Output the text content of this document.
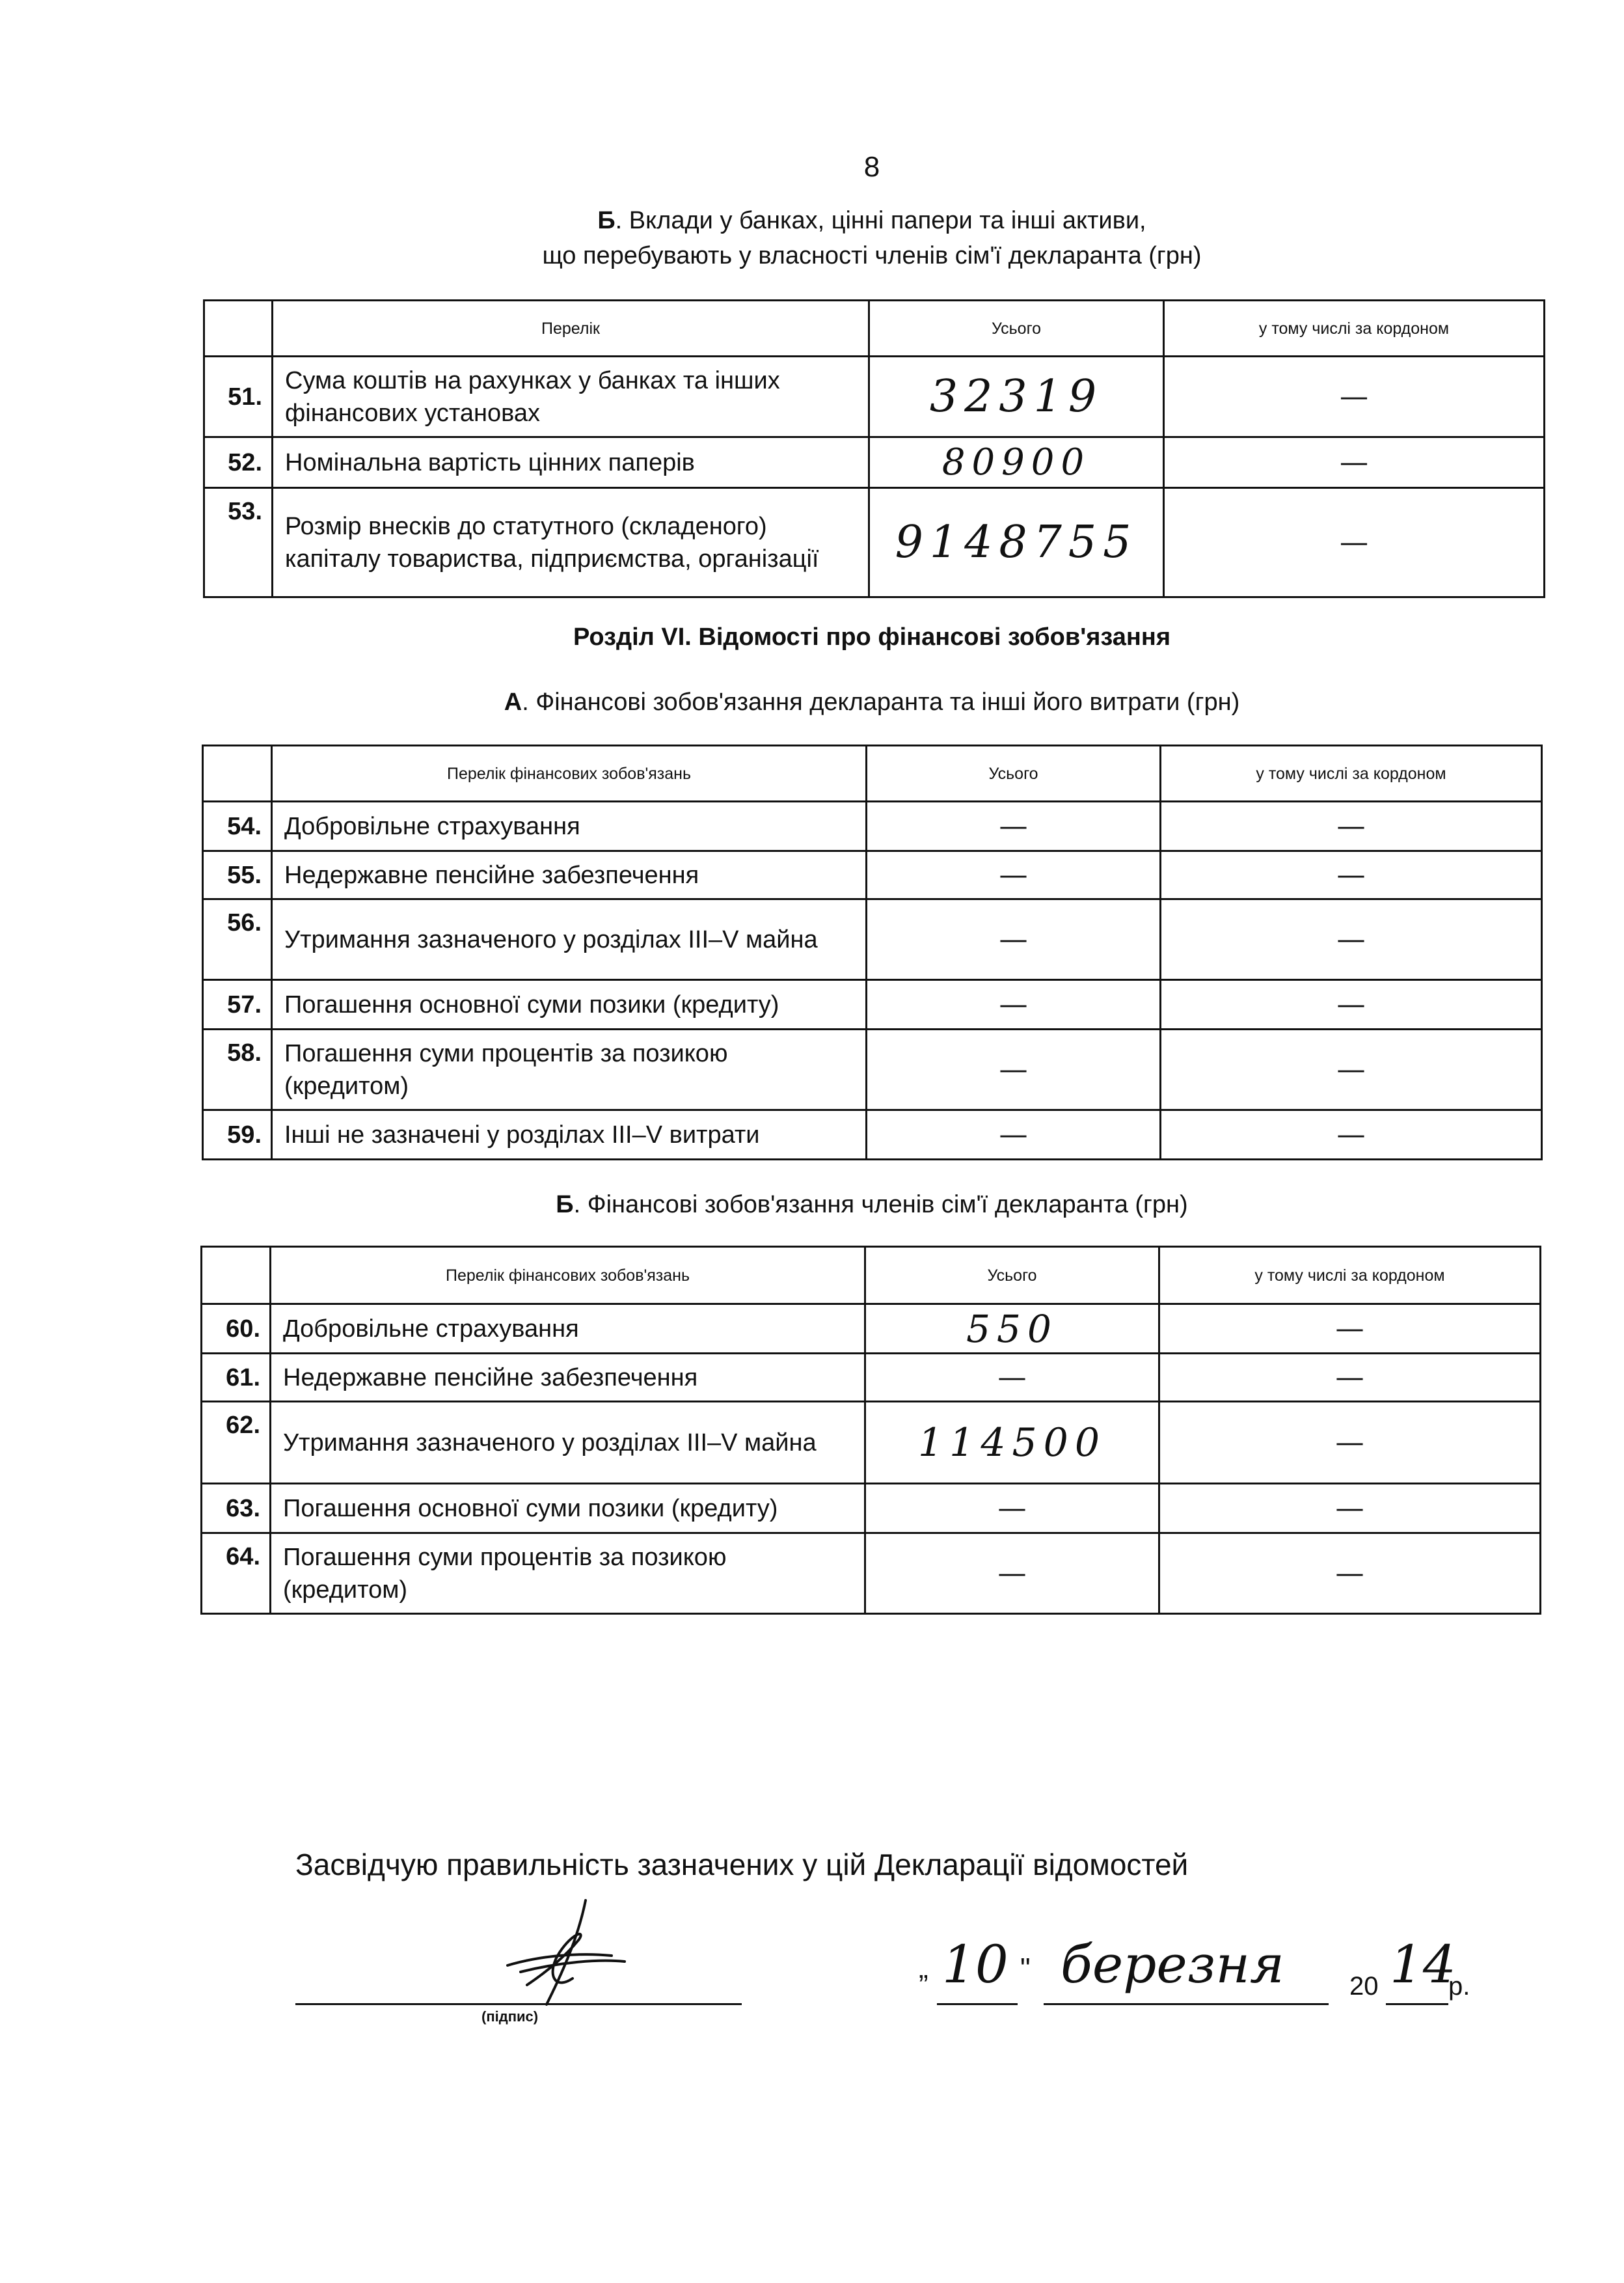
8
Б. Вклади у банках, цінні папери та інші активи,
що перебувають у власності членів сім'ї декларанта (грн)
	Перелік	Усього	у тому числі за кордоном
51.	Сума коштів на рахунках у банках та інших фінансових установах	32319	—
52.	Номінальна вартість цінних паперів	80900	—
53.	Розмір внесків до статутного (складеного) капіталу товариства, підприємства, організації	9148755	—
Розділ VI. Відомості про фінансові зобов'язання
А. Фінансові зобов'язання декларанта та інші його витрати (грн)
	Перелік фінансових зобов'язань	Усього	у тому числі за кордоном
54.	Добровільне страхування	—	—
55.	Недержавне пенсійне забезпечення	—	—
56.	Утримання зазначеного у розділах III–V майна	—	—
57.	Погашення основної суми позики (кредиту)	—	—
58.	Погашення суми процентів за позикою (кредитом)	—	—
59.	Інші не зазначені у розділах III–V витрати	—	—
Б. Фінансові зобов'язання членів сім'ї декларанта (грн)
	Перелік фінансових зобов'язань	Усього	у тому числі за кордоном
60.	Добровільне страхування	550	—
61.	Недержавне пенсійне забезпечення	—	—
62.	Утримання зазначеного у розділах III–V майна	114500	—
63.	Погашення основної суми позики (кредиту)	—	—
64.	Погашення суми процентів за позикою (кредитом)	—	—
Засвідчую правильність зазначених у цій Декларації відомостей
(підпис)
„ 10 " березня 20 14
р.
